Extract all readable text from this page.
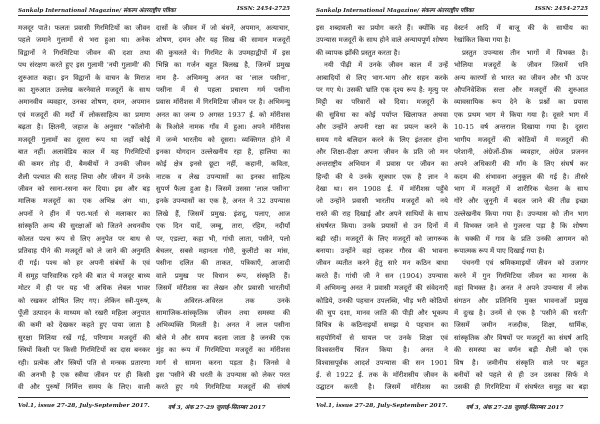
Sankalp International Magazine/ संकल्प अंतरराष्ट्रीय पत्रिका	ISSN: 2454-2725
मजदूर पाते। फलतः प्रवासी गिरमिटियों का जीवन
पहले जमाने गुलामों से भरा हुआ था। अनेक
विद्वानों ने गिरमिटिया जीवन की दशा तथा
पथ संरक्षण करते हुए इस गुलामी 'नयी गुलामी' की
शुरुआत कहा। इन विद्वानों के वाचन के मिराज
का शुरुआत उल्लेख करनेवाले मजदूरों के साथ
अमानवीय व्यवहार, उनका शोषण, दमन, अपमान
एवं मजदूरों की मर्दों में लोकसाहित्य का प्रमाण
बढ़ता है। क्षितनी, जहाज के अनुसार "कॉलोनी
मजदूरी गुलामों का दूसरा रूप था जहाँ कोई
बात नहीं। अलावेडिय काल में यह गिरमिटियों
की कमर तोड़ दी, बैमबीयों ने उनकी जीवन
शैली पश्चात की सतह लिया और जीवन में उनके
जीवन को रसना-रसना कर दिया। इस और बड़
मालिक मजदूरों का एक अभिन्न अंग था।,
अपनों ने हीन में परा-भर्ता से मलाकार का
सांस्कृति अन्य की सुरक्षाओं को जितने अधनवीय
कोलत पश्च रूप से लिए अनुपेत पर बाध से
प्रतिवाह पीने की मजदूरों को ले जाने की अनुमति
दी गई। पश्च को हर अपनी संबंधों के एवं
में समूह पारिवारिक रहने की बात थे मजदूर बाध्य
मोटर में ही पर यह भी अधिक लेबल भावर
को रखकर शोषित लिए गए। लेकिन स्त्री-पुरुष,
पूँजी उत्पादन के माध्यम को रखरी महिला अनुपात
की कमी को देखकर कहते हुए पाया जाता है
सुरक्षा मिलिया रखें गई, परिणाम मजदूरों की
स्त्रियों किसी पर किसी गिरमिटियों का दास बनकर
रही। प्रत्येक और स्त्रियों पति से मन्त्रक प्रतारणा
की अनभी है एक स्त्रीया जीवन पर ही किसी
वी और पुरुषों निर्मित्त समय के लिए। वाली
दासों के जीवन में जो बंधनें, अपमान, अत्याचार,
शोषण, दमन और यह सिख की सामान मजदूरों
की कुचलते थे। गिरमिट के उपमहाद्वीपों में इस
भिन्नि का गर्जन बहुत बिलख है, जिनमें प्रमुख
नाम है- अभिमन्यु अनत का 'लाल पसीना',
पसीना में से पहला प्रचारण गर्म पसीना
प्रवास मॉरीशस में गिरमिटिया जीवन पर है। अभिमन्यु
अनत का जन्म 9 अगस्त 1937 ई. को मॉरीशस
के त्रिओले नामक गाँव में हुआ। अपने मॉरीशस
में जन्मे भारतीय को दूसरा। व्यक्तिगत होने में
इनका योगदान उल्लेखनीय रहा है, हालिया का
कोई क्षेत्र इनसे छूटा नहीं, कहानी, कविता,
नाटक व लेख उपन्यासों का इनका साहित्य
सुपर्ण फैला हुआ है। जिसमें उससा 'लाल पसीना'
इनके उपन्यासों का एक है, अनत ने 32 उपन्यास
लिखे हैं, जिसमें प्रमुख: इंशदू, पलाए, आज
एक दिन यादें, जम्बू, तारा, रहिम, नदीयाँ
पर, एडल्टा, कहा भी, गांधी लाता, पसीने, पलो
बेचलर, सबसे महानता गोरी, कुलीटो का मांस,
पसीना दलित की ताकत, पत्रिकाएँ, आजादी
वाले प्रमुख पर विधान रूप, संस्कृति हैं।
जिसमें मॉरीशस का लेखन और प्रवासी भारतीयों
के अविरल-अविरल तक उनके
सामाजिक-सांस्कृतिक जीवन तथा समस्या की
अभिव्यक्ति मिलती है। अनत ने लाल पसीना
बोले मे और समय बदला जाता है जनकी एक
मुंह का रूप में गिरमिटिया मजदूरों का मॉरीशस
मार्ग से सामना करना पड़ता है। जिनसे वे
इस 'पसीने की धरती के उपन्यास को लेकर परत
करते हुए गये गिरमिटिया मजदूरों की संघर्ष
Vol.1, issue 27-28, July-September 2017.	वर्ष 3, अंक 27-29 जुलाई-सितम्बर 2017
Sankalp International Magazine/ संकल्प अंतरराष्ट्रीय पत्रिका	ISSN: 2454-2725
इस शब्दावली का प्रयोग करते हैं। क्योंकि वह
उपन्यास मजदूरों के साथ होने वाले अन्यायपूर्ण शोषण
की व्यापक झाँकी प्रस्तुत करता है।
नयी पीढ़ी में उनके जीवन काल में उन्हें
आबादियों से लिए भाग-भाग और सहन करके
पर गए थे। उसकी भ्रांति एक दृश्य रूप है: मृत्यु पर
मिट्टी का परिवारों को दिया। मजदूरों के
की सुविधा का कोई पर्याप्त खिलाफत अथवा
और उन्होंने अपनी रक्षा का प्रयत्न करने के
समय गये बलिदान करने के लिए इंतजार होना
और शिक्षा-दीक्षा अपना जीवन के प्रति जो मन
अन्तराष्ट्रीय अभियान में प्रवास पर जीवन का
हिन्दी की ये उनके सूत्रधार एक है ज्ञान ने
देखा था। सन 1908 ई. में मॉरीशस पहुँचे
जो उन्होंने प्रवासी भारतीय मजदूरों को नये
रास्ते की राह दिखाई और अपने साथियों के साथ
संघर्षरत किया। उनके प्रयासों से उन दिनों में
बढ़ी रही। मजदूरों के लिए मजदूरों को जागरूक
बनाया। उन्होंने वहां रहकर गौरव की भावना
जीवन व्यतीत करने हेतु सारे मन कठिन बाधा
करते हैं। गांधी जी ने सन (1904) उपन्यास
में अभिमन्यु अनत ने प्रवासी मजदूरों की संवेदनाएँ
कोडिये, उनकी पहचान उपलब्धि, भीड़ भरी कोठियों
की चुप दशा, मानव जाति की पीड़ी और भूकम्प
विचित्र के कठिनाइयों समझ ये पहचान का
सहयोगियों से घायल पर उनके शिक्षा एवं
विश्वस्तरीय चिंतन किया है। अनत ने
विश्वासपूर्वक आदर्श उपन्यास की सन 1901
ई. से 1922 ई. तक के मॉरीशसीय जीवन के
उद्घाटन करती है। जिसमें मॉरीशस का
वेस्टर्न आदि में बाजू की के साथीय का
रेखांकित किया गया है।
प्रस्तुत उपन्यास तीन भागों में विभक्त है।
भोलिया मजदूरों के जीवन जिसमें धनि
अन्य कारणों से भारत का जीवन और भी ऊपर
औपनिवेशिक सत्ता और मजदूरों की शुरुआत
व्यावसायिक रूप देने के प्रश्नों का प्रयास
एक प्रथम भाग मे किया गया है। दूसरे भाग में
10-15 वर्ष अन्तराल दिखाया गया है। दूसरा
भागीय मजदूरों की कोठियों में मजदूरों की
परेशानी, अंग्रेजों-ठीक व्यवहार, अंग्रेज प्रजनन
अपने अधिकारी की माँग के लिए संघर्ष कर
कदम की संभावना अनुकूल की गई है। तीसरे
भाग में मजदूरों में शारीरिक चेतना के साथ
गोरे और जुनूनी में बदल जाने की तीव्र इच्छा
उल्लेखनीय किया गया है। उपन्यास को तीन भाग
में विभक्त जाने से गुजरना पड़ा है कि शोषण
के चक्की में गाव के प्रति उनकी आगमन को
रूपात्मक रूप में पाए दिखाई गया है।
पंचनगी एवं श्रमिकमाइयों जीवन को उजागर
करने में गुन गिरमिटिया जीवन का मानस के
वहां विभक्त है। अनत ने अपने उपन्यास में लोक
संगठन और प्रतिनिधि मुक्त भावनाओं प्रमुख
में दुःख है। उनमें से एक है 'पसीने की धरती'
जिसमें जमीन नजदीक, शिक्षा, धार्मिक,
सांस्कृतिक और विषयों पर मजदूरों का संघर्ष आदि
की समस्या का वर्णन बड़ी शैली को एक
विष है। जमीनीय संस्कृति वाले पर बहुत
बनीयों को पहले से ही उन उसका सिर्फ मे
उसकी ही गिरमिटिया में संघर्षरत समूह का बड़ा
Vol.1, issue 27-28, July-September 2017.	वर्ष 3, अंक 27-28 जुलाई-सितम्बर 2017
